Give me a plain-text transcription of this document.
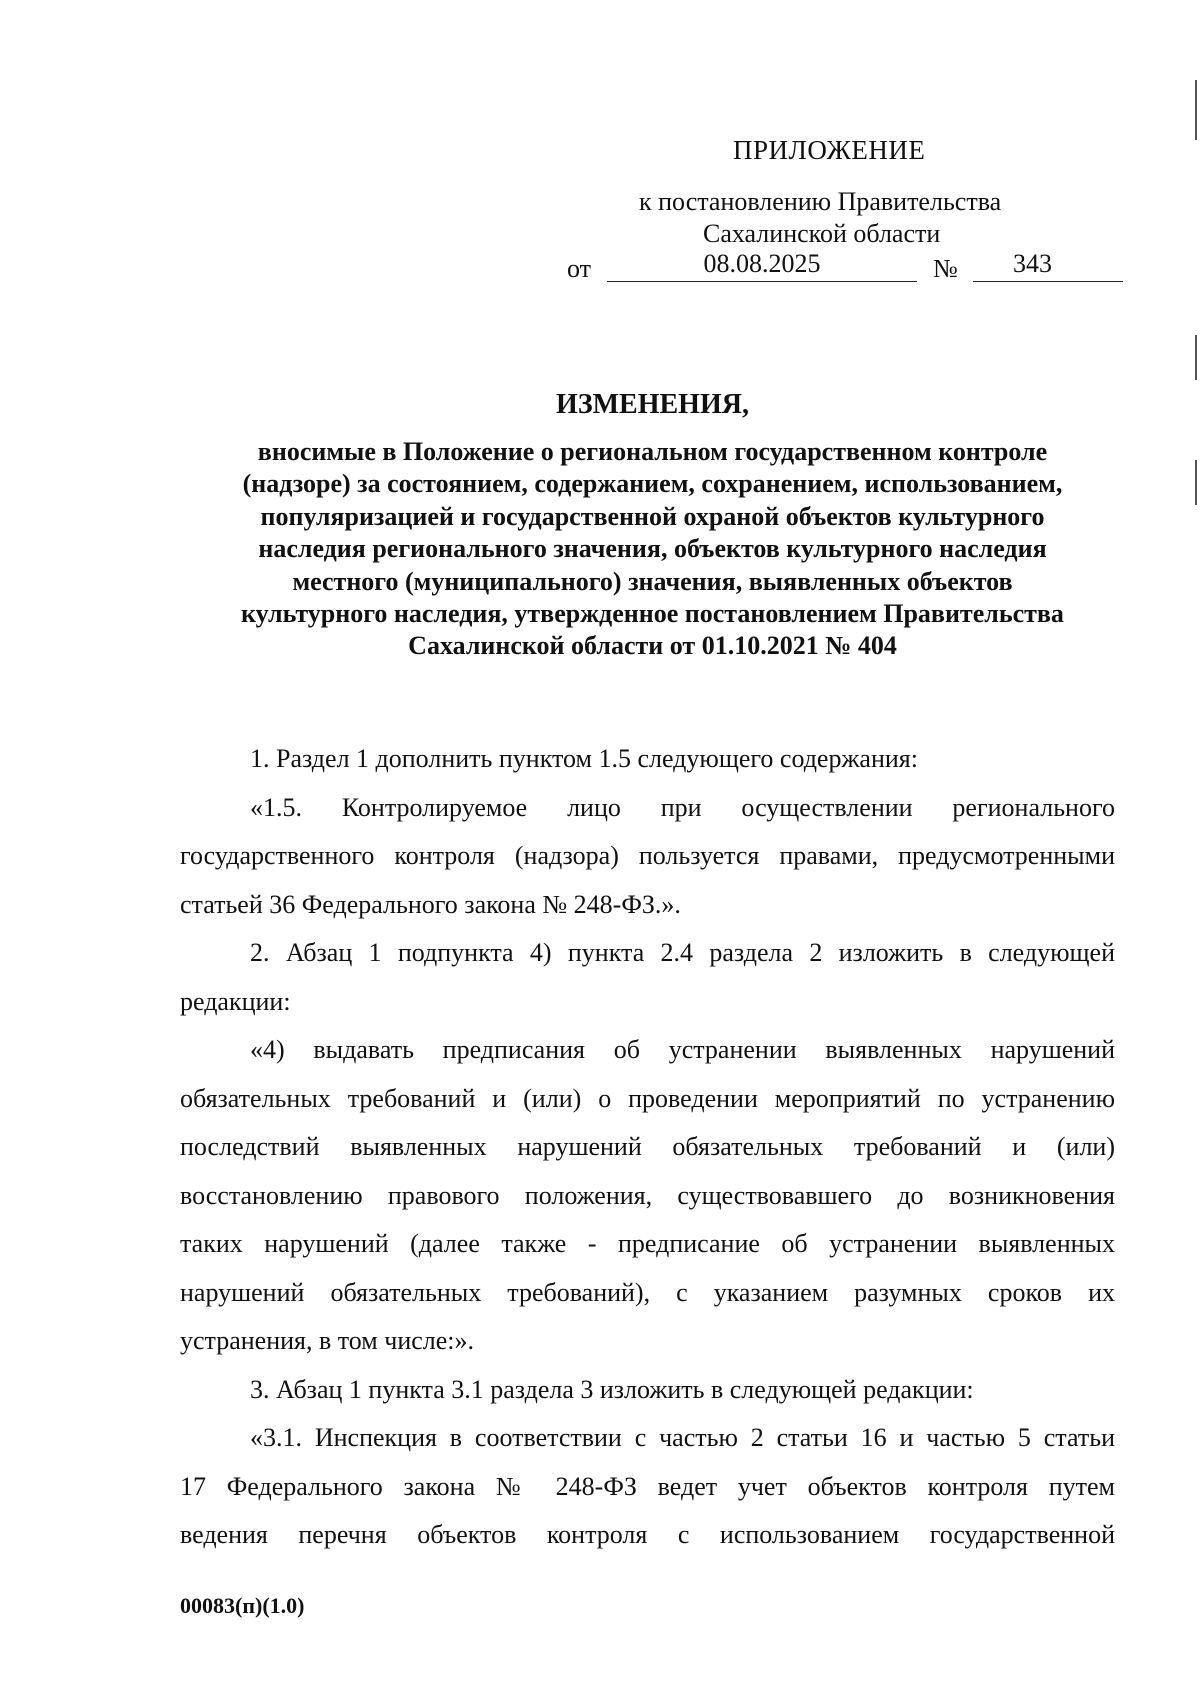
ПРИЛОЖЕНИЕ
к постановлению Правительства
Сахалинской области
от	08.08.2025	№ 343
ИЗМЕНЕНИЯ,
вносимые в Положение о региональном государственном контроле
(надзоре) за состоянием, содержанием, сохранением, использованием,
популяризацией и государственной охраной объектов культурного
наследия регионального значения, объектов культурного наследия
местного (муниципального) значения, выявленных объектов
культурного наследия, утвержденное постановлением Правительства
Сахалинской области от 01.10.2021 № 404

1. Раздел 1 дополнить пунктом 1.5 следующего содержания:

«1.5. Контролируемое лицо при осуществлении регионального
государственного контроля (надзора) пользуется правами, предусмотренными
статьей 36 Федерального закона № 248-ФЗ.».

2. Абзац 1 подпункта 4) пункта 2.4 раздела 2 изложить в следующей
редакции:

«4) выдавать предписания об устранении выявленных нарушений
обязательных требований и (или) о проведении мероприятий по устранению
последствий выявленных нарушений обязательных требований и (или)
восстановлению правового положения, существовавшего до возникновения
таких нарушений (далее также - предписание об устранении выявленных
нарушений обязательных требований), с указанием разумных сроков их
устранения, в том числе:».

3. Абзац 1 пункта 3.1 раздела 3 изложить в следующей редакции:

«3.1. Инспекция в соответствии с частью 2 статьи 16 и частью 5 статьи
17 Федерального закона № 248-ФЗ ведет учет объектов контроля путем
ведения перечня объектов контроля с использованием государственной

00083(п)(1.0)
